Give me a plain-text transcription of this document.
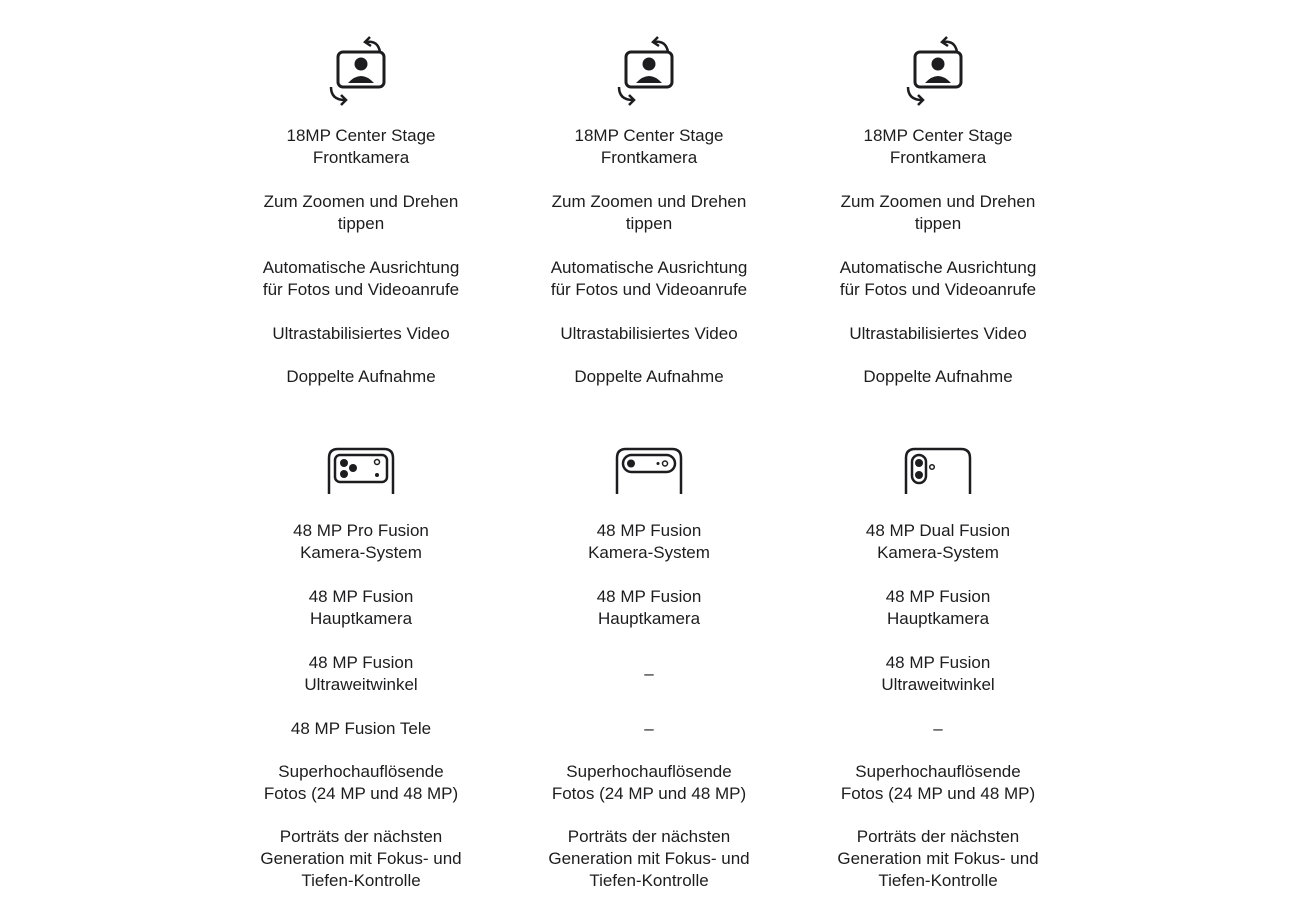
18MP Center Stage
Frontkamera

Zum Zoomen und Drehen
tippen

Automatische Ausrichtung
für Fotos und Videoanrufe

Ultrastabilisiertes Video

Doppelte Aufnahme

18MP Center Stage
Frontkamera

Zum Zoomen und Drehen
tippen

Automatische Ausrichtung
für Fotos und Videoanrufe

Ultrastabilisiertes Video

Doppelte Aufnahme

18MP Center Stage
Frontkamera

Zum Zoomen und Drehen
tippen

Automatische Ausrichtung
für Fotos und Videoanrufe

Ultrastabilisiertes Video

Doppelte Aufnahme

48 MP Pro Fusion
Kamera-System

48 MP Fusion
Hauptkamera

48 MP Fusion
Ultraweitwinkel

48 MP Fusion Tele

Superhochauflösende
Fotos (24 MP und 48 MP)

Porträts der nächsten
Generation mit Fokus- und
Tiefen-Kontrolle

48 MP Fusion
Kamera-System

48 MP Fusion
Hauptkamera

–

–

Superhochauflösende
Fotos (24 MP und 48 MP)

Porträts der nächsten
Generation mit Fokus- und
Tiefen-Kontrolle

48 MP Dual Fusion
Kamera-System

48 MP Fusion
Hauptkamera

48 MP Fusion
Ultraweitwinkel

–

Superhochauflösende
Fotos (24 MP und 48 MP)

Porträts der nächsten
Generation mit Fokus- und
Tiefen-Kontrolle
